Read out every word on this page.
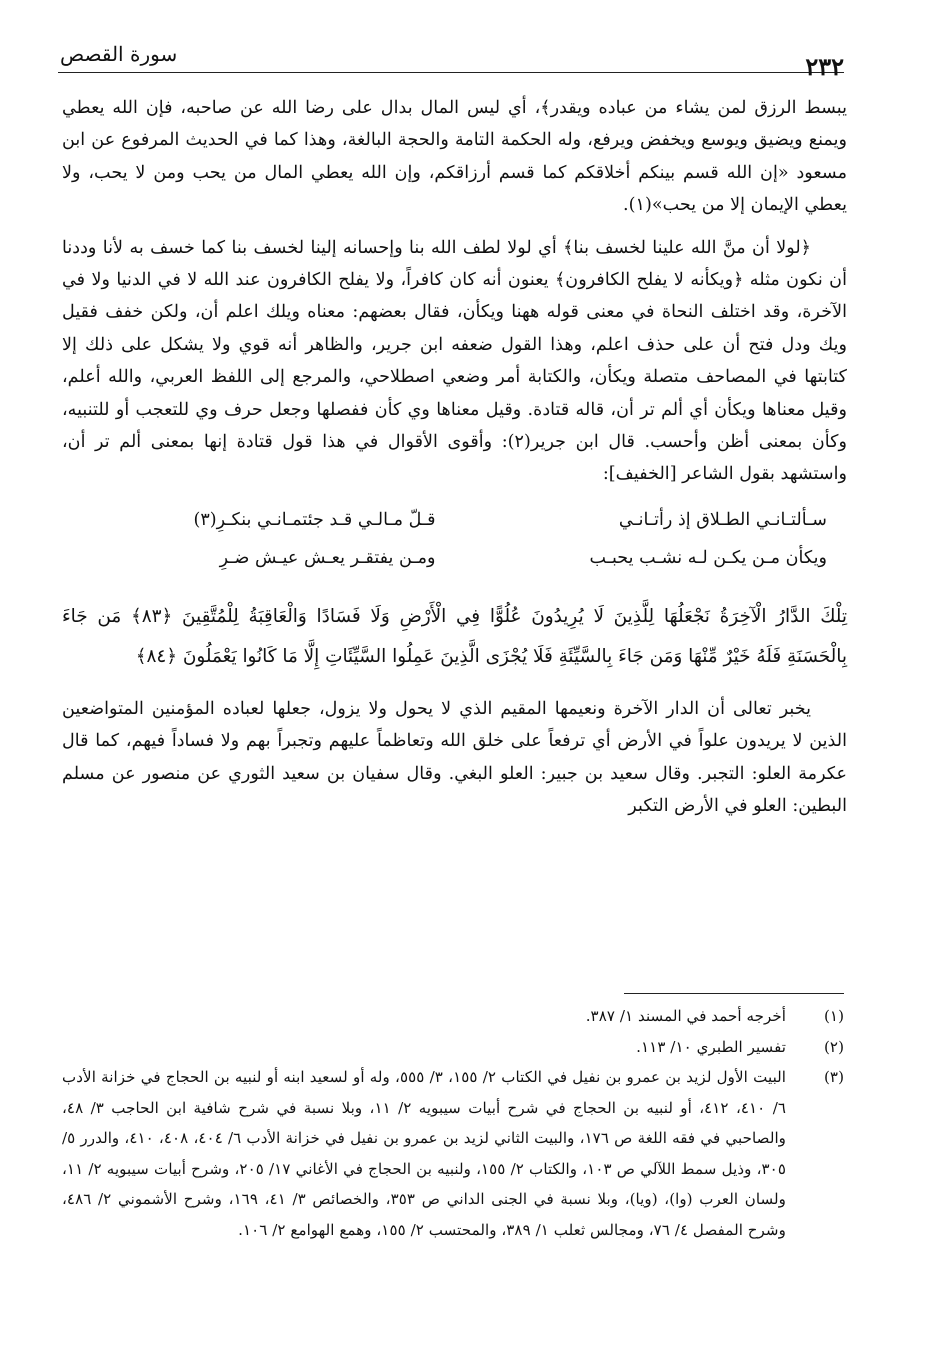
٢٣٢
سورة القصص

يبسط الرزق لمن يشاء من عباده ويقدر﴾، أي ليس المال بدال على رضا الله عن صاحبه، فإن الله يعطي ويمنع ويضيق ويوسع ويخفض ويرفع، وله الحكمة التامة والحجة البالغة، وهذا كما في الحديث المرفوع عن ابن مسعود «إن الله قسم بينكم أخلاقكم كما قسم أرزاقكم، وإن الله يعطي المال من يحب ومن لا يحب، ولا يعطي الإيمان إلا من يحب»(١).

﴿لولا أن منَّ الله علينا لخسف بنا﴾ أي لولا لطف الله بنا وإحسانه إلينا لخسف بنا كما خسف به لأنا وددنا أن نكون مثله ﴿ويكأنه لا يفلح الكافرون﴾ يعنون أنه كان كافراً، ولا يفلح الكافرون عند الله لا في الدنيا ولا في الآخرة، وقد اختلف النحاة في معنى قوله ههنا ويكأن، فقال بعضهم: معناه ويلك اعلم أن، ولكن خفف فقيل ويك ودل فتح أن على حذف اعلم، وهذا القول ضعفه ابن جرير، والظاهر أنه قوي ولا يشكل على ذلك إلا كتابتها في المصاحف متصلة ويكأن، والكتابة أمر وضعي اصطلاحي، والمرجع إلى اللفظ العربي، والله أعلم، وقيل معناها ويكأن أي ألم تر أن، قاله قتادة. وقيل معناها وي كأن ففصلها وجعل حرف وي للتعجب أو للتنبيه، وكأن بمعنى أظن وأحسب. قال ابن جرير(٢): وأقوى الأقوال في هذا قول قتادة إنها بمعنى ألم تر أن، واستشهد بقول الشاعر [الخفيف]:

سـألتـانـي الطـلاق إذ رأتـانـي
قـلّ مـالـي قـد جئتمـانـي بنكـرِ(٣)
ويكأن مـن يكـن لـه نشـب يحبـب
ومـن يفتقـر يعـش عيـش ضـرِ

تِلْكَ الدَّارُ الْآخِرَةُ نَجْعَلُهَا لِلَّذِينَ لَا يُرِيدُونَ عُلُوًّا فِي الْأَرْضِ وَلَا فَسَادًا وَالْعَاقِبَةُ لِلْمُتَّقِينَ ﴿٨٣﴾ مَن جَاءَ بِالْحَسَنَةِ فَلَهُ خَيْرٌ مِّنْهَا وَمَن جَاءَ بِالسَّيِّئَةِ فَلَا يُجْزَى الَّذِينَ عَمِلُوا السَّيِّئَاتِ إِلَّا مَا كَانُوا يَعْمَلُونَ ﴿٨٤﴾

يخبر تعالى أن الدار الآخرة ونعيمها المقيم الذي لا يحول ولا يزول، جعلها لعباده المؤمنين المتواضعين الذين لا يريدون علواً في الأرض أي ترفعاً على خلق الله وتعاظماً عليهم وتجبراً بهم ولا فساداً فيهم، كما قال عكرمة العلو: التجبر. وقال سعيد بن جبير: العلو البغي. وقال سفيان بن سعيد الثوري عن منصور عن مسلم البطين: العلو في الأرض التكبر

(١)
أخرجه أحمد في المسند ١/ ٣٨٧.
(٢)
تفسير الطبري ١٠/ ١١٣.
(٣)
البيت الأول لزيد بن عمرو بن نفيل في الكتاب ٢/ ١٥٥، ٣/ ٥٥٥، وله أو لسعيد ابنه أو لنبيه بن الحجاج في خزانة الأدب ٦/ ٤١٠، ٤١٢، أو لنبيه بن الحجاج في شرح أبيات سيبويه ٢/ ١١، وبلا نسبة في شرح شافية ابن الحاجب ٣/ ٤٨، والصاحبي في فقه اللغة ص ١٧٦، والبيت الثاني لزيد بن عمرو بن نفيل في خزانة الأدب ٦/ ٤٠٤، ٤٠٨، ٤١٠، والدرر ٥/ ٣٠٥، وذيل سمط اللآلي ص ١٠٣، والكتاب ٢/ ١٥٥، ولنبيه بن الحجاج في الأغاني ١٧/ ٢٠٥، وشرح أبيات سيبويه ٢/ ١١، ولسان العرب (وا)، (ويا)، وبلا نسبة في الجنى الداني ص ٣٥٣، والخصائص ٣/ ٤١، ١٦٩، وشرح الأشموني ٢/ ٤٨٦، وشرح المفصل ٤/ ٧٦، ومجالس ثعلب ١/ ٣٨٩، والمحتسب ٢/ ١٥٥، وهمع الهوامع ٢/ ١٠٦.
